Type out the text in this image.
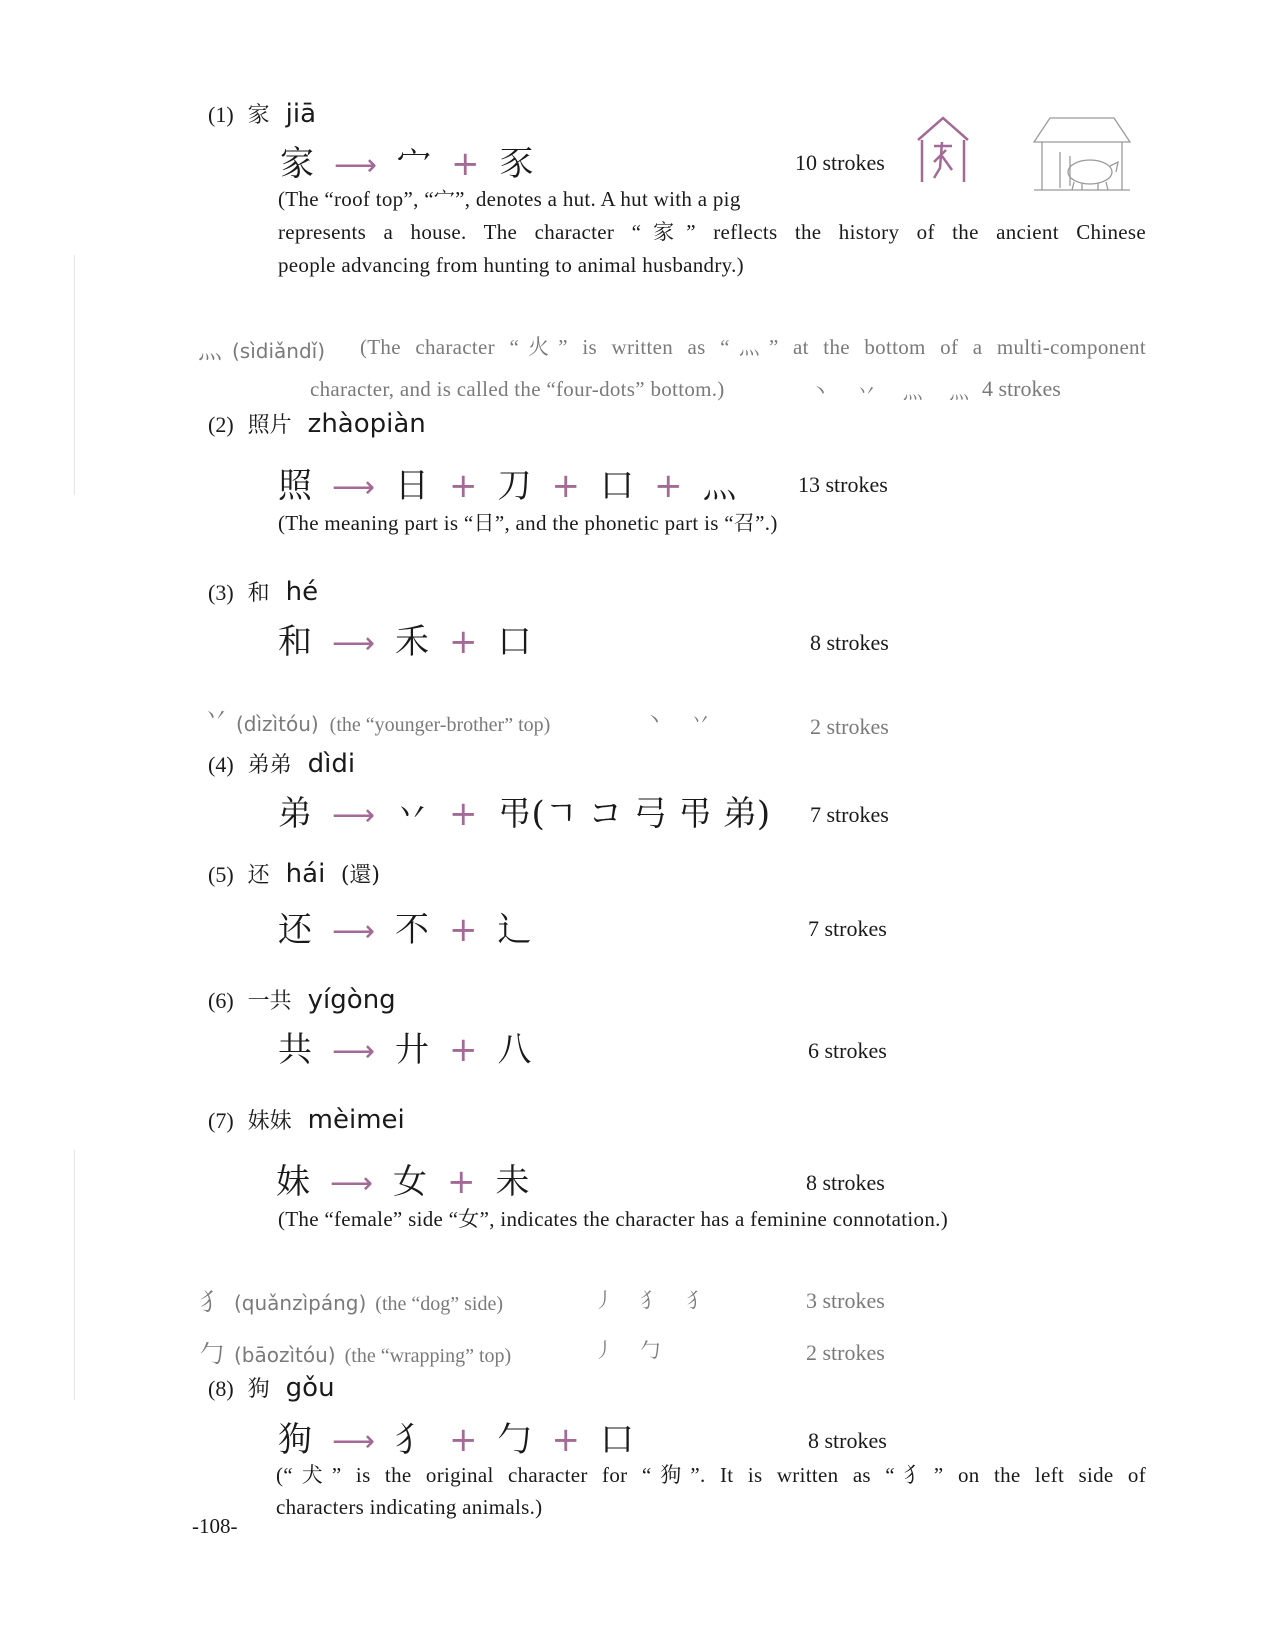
(1) 家 jiā
家 ⟶ 宀 + 豕	10 strokes
(The “roof top”, “宀”, denotes a hut. A hut with a pig
represents a house. The character “家” reflects the history of the ancient Chinese
people advancing from hunting to animal husbandry.)
灬 (sìdiǎndǐ) (The character “火” is written as “灬” at the bottom of a multi-component
character, and is called the “four-dots” bottom.)	丶 丷 灬 灬 4 strokes
(2) 照片 zhàopiàn
照 ⟶ 日 + 刀 + 口 + 灬	13 strokes
(The meaning part is “日”, and the phonetic part is “召”.)
(3) 和 hé
和 ⟶ 禾 + 口	8 strokes
丷 (dìzìtóu) (the “younger-brother” top)	丶 丷	2 strokes
(4) 弟弟 dìdi
弟 ⟶ 丷 + 弔(ㄱ コ 弓 弔 弟) 7 strokes
(5) 还 hái (還)
还 ⟶ 不 + 辶	7 strokes
(6) 一共 yígòng
共 ⟶ 廾 + 八	6 strokes
(7) 妹妹 mèimei
妹 ⟶ 女 + 未	8 strokes
(The “female” side “女”, indicates the character has a feminine connotation.)
犭 (quǎnzìpáng) (the “dog” side)	丿 犭 犭	3 strokes
勹 (bāozìtóu) (the “wrapping” top)	丿 勹	2 strokes
(8) 狗 gǒu
狗 ⟶ 犭 + 勹 + 口	8 strokes
(“犬” is the original character for “狗”. It is written as “犭” on the left side of
characters indicating animals.)
-108-
